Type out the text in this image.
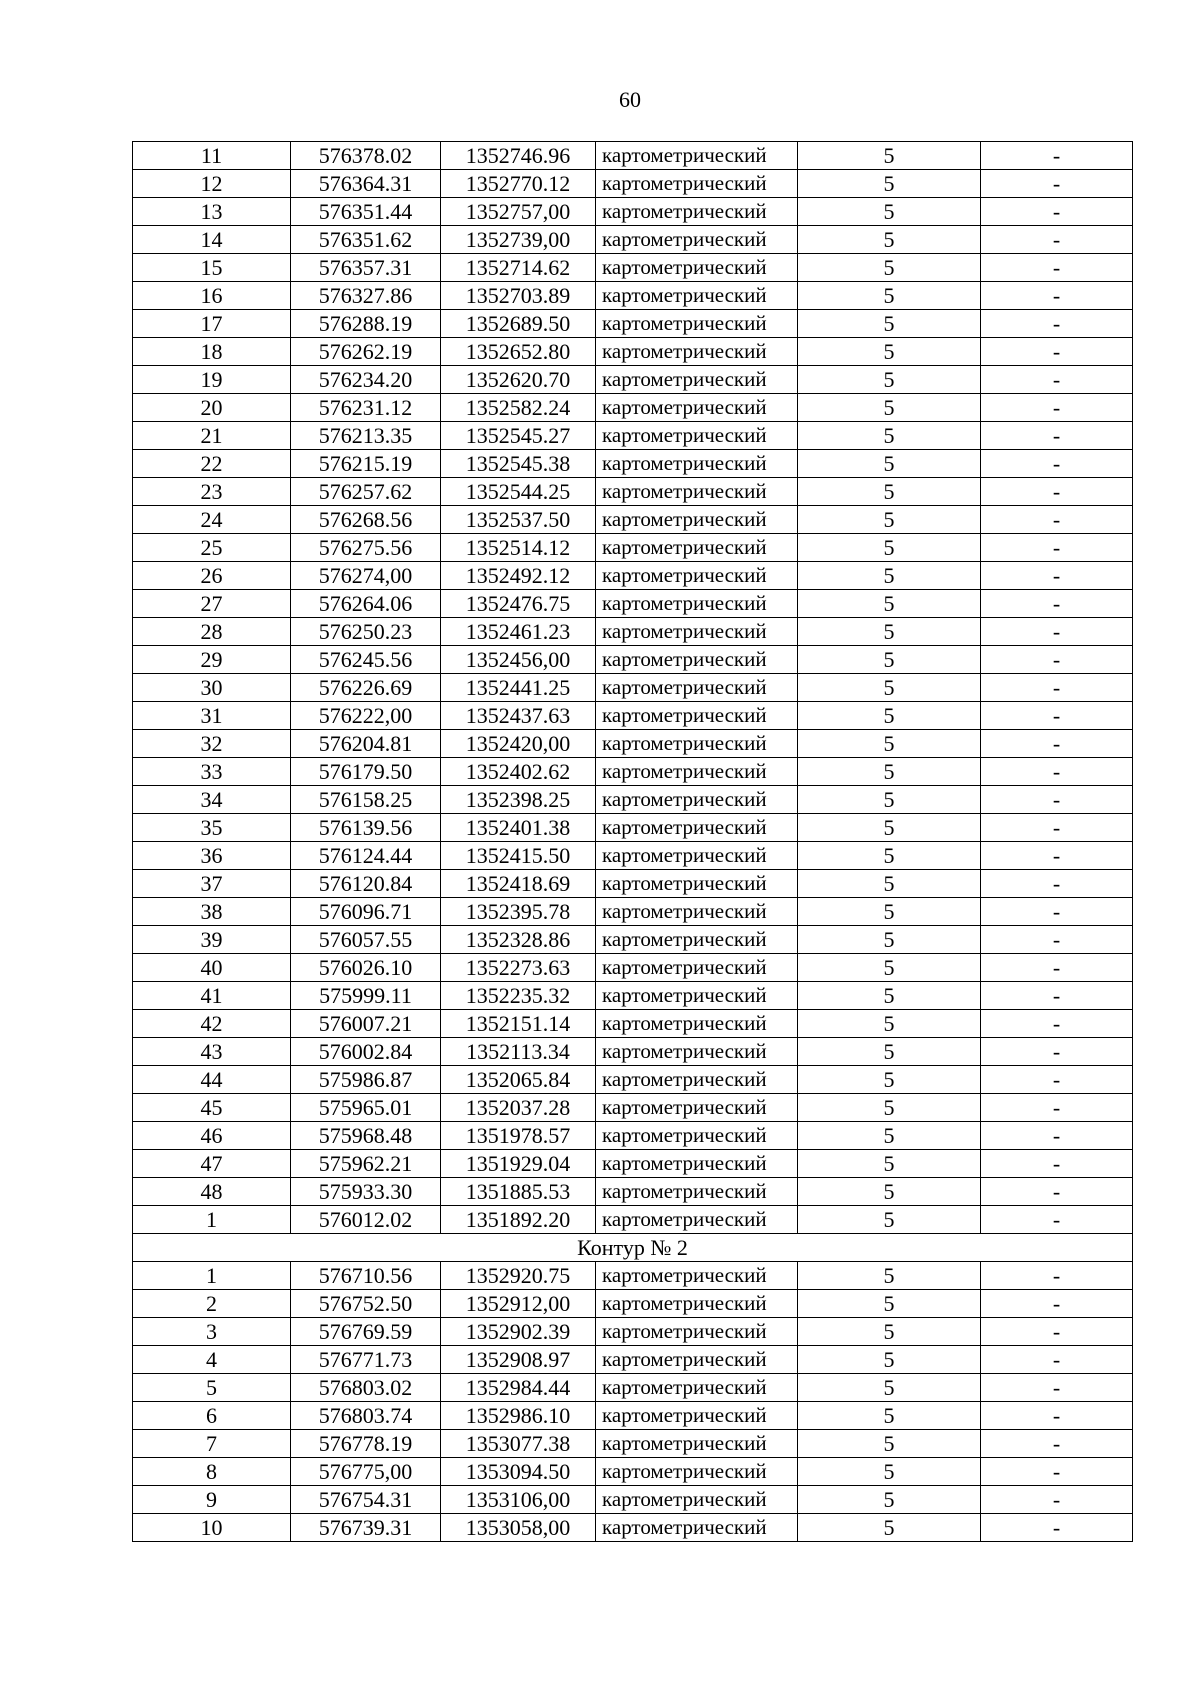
60
11	576378.02	1352746.96	картометрический	5	-
12	576364.31	1352770.12	картометрический	5	-
13	576351.44	1352757,00	картометрический	5	-
14	576351.62	1352739,00	картометрический	5	-
15	576357.31	1352714.62	картометрический	5	-
16	576327.86	1352703.89	картометрический	5	-
17	576288.19	1352689.50	картометрический	5	-
18	576262.19	1352652.80	картометрический	5	-
19	576234.20	1352620.70	картометрический	5	-
20	576231.12	1352582.24	картометрический	5	-
21	576213.35	1352545.27	картометрический	5	-
22	576215.19	1352545.38	картометрический	5	-
23	576257.62	1352544.25	картометрический	5	-
24	576268.56	1352537.50	картометрический	5	-
25	576275.56	1352514.12	картометрический	5	-
26	576274,00	1352492.12	картометрический	5	-
27	576264.06	1352476.75	картометрический	5	-
28	576250.23	1352461.23	картометрический	5	-
29	576245.56	1352456,00	картометрический	5	-
30	576226.69	1352441.25	картометрический	5	-
31	576222,00	1352437.63	картометрический	5	-
32	576204.81	1352420,00	картометрический	5	-
33	576179.50	1352402.62	картометрический	5	-
34	576158.25	1352398.25	картометрический	5	-
35	576139.56	1352401.38	картометрический	5	-
36	576124.44	1352415.50	картометрический	5	-
37	576120.84	1352418.69	картометрический	5	-
38	576096.71	1352395.78	картометрический	5	-
39	576057.55	1352328.86	картометрический	5	-
40	576026.10	1352273.63	картометрический	5	-
41	575999.11	1352235.32	картометрический	5	-
42	576007.21	1352151.14	картометрический	5	-
43	576002.84	1352113.34	картометрический	5	-
44	575986.87	1352065.84	картометрический	5	-
45	575965.01	1352037.28	картометрический	5	-
46	575968.48	1351978.57	картометрический	5	-
47	575962.21	1351929.04	картометрический	5	-
48	575933.30	1351885.53	картометрический	5	-
1	576012.02	1351892.20	картометрический	5	-
Контур № 2					
1	576710.56	1352920.75	картометрический	5	-
2	576752.50	1352912,00	картометрический	5	-
3	576769.59	1352902.39	картометрический	5	-
4	576771.73	1352908.97	картометрический	5	-
5	576803.02	1352984.44	картометрический	5	-
6	576803.74	1352986.10	картометрический	5	-
7	576778.19	1353077.38	картометрический	5	-
8	576775,00	1353094.50	картометрический	5	-
9	576754.31	1353106,00	картометрический	5	-
10	576739.31	1353058,00	картометрический	5	-
